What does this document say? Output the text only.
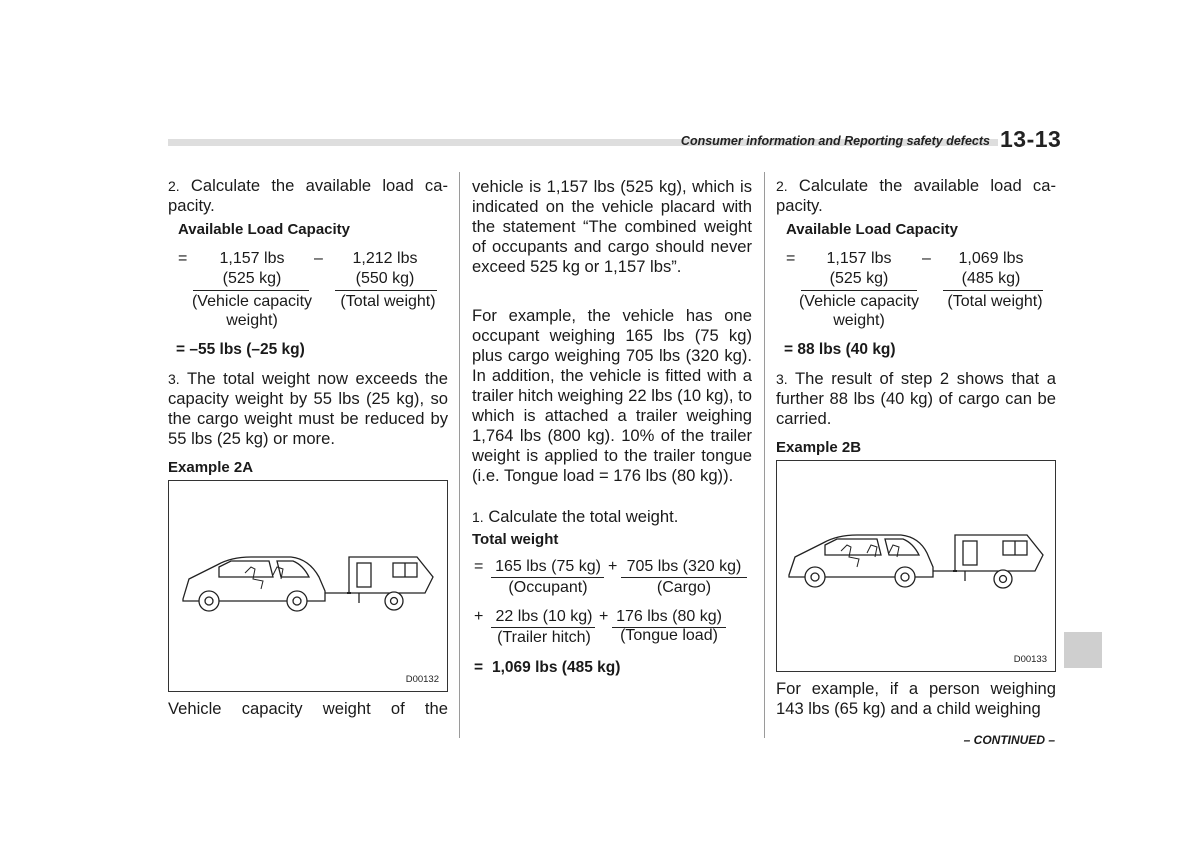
Consumer information and Reporting safety defects 13-13
2. Calculate the available load ca-pacity.
Available Load Capacity
=	1,157 lbs
(525 kg)
(Vehicle capacity weight)
–	1,212 lbs
(550 kg)
(Total weight)
= –55 lbs (–25 kg)
3. The total weight now exceeds the capacity weight by 55 lbs (25 kg), so the cargo weight must be reduced by 55 lbs (25 kg) or more.
Example 2A
D00132
Vehicle capacity weight of the
vehicle is 1,157 lbs (525 kg), which is indicated on the vehicle placard with the statement “The combined weight of occupants and cargo should never exceed 525 kg or 1,157 lbs”.
For example, the vehicle has one occupant weighing 165 lbs (75 kg) plus cargo weighing 705 lbs (320 kg). In addition, the vehicle is fitted with a trailer hitch weighing 22 lbs (10 kg), to which is attached a trailer weighing 1,764 lbs (800 kg). 10% of the trailer weight is applied to the trailer tongue (i.e. Tongue load = 176 lbs (80 kg)).
1. Calculate the total weight.
Total weight
= 165 lbs (75 kg)
(Occupant)
+ 705 lbs (320 kg)
(Cargo)
+ 22 lbs (10 kg)
(Trailer hitch)
+ 176 lbs (80 kg)
(Tongue load)
= 1,069 lbs (485 kg)
2. Calculate the available load ca-pacity.
Available Load Capacity
=	1,157 lbs
(525 kg)
(Vehicle capacity weight)
–	1,069 lbs
(485 kg)
(Total weight)
= 88 lbs (40 kg)
3. The result of step 2 shows that a further 88 lbs (40 kg) of cargo can be carried.
Example 2B
D00133
For example, if a person weighing 143 lbs (65 kg) and a child weighing
– CONTINUED –
